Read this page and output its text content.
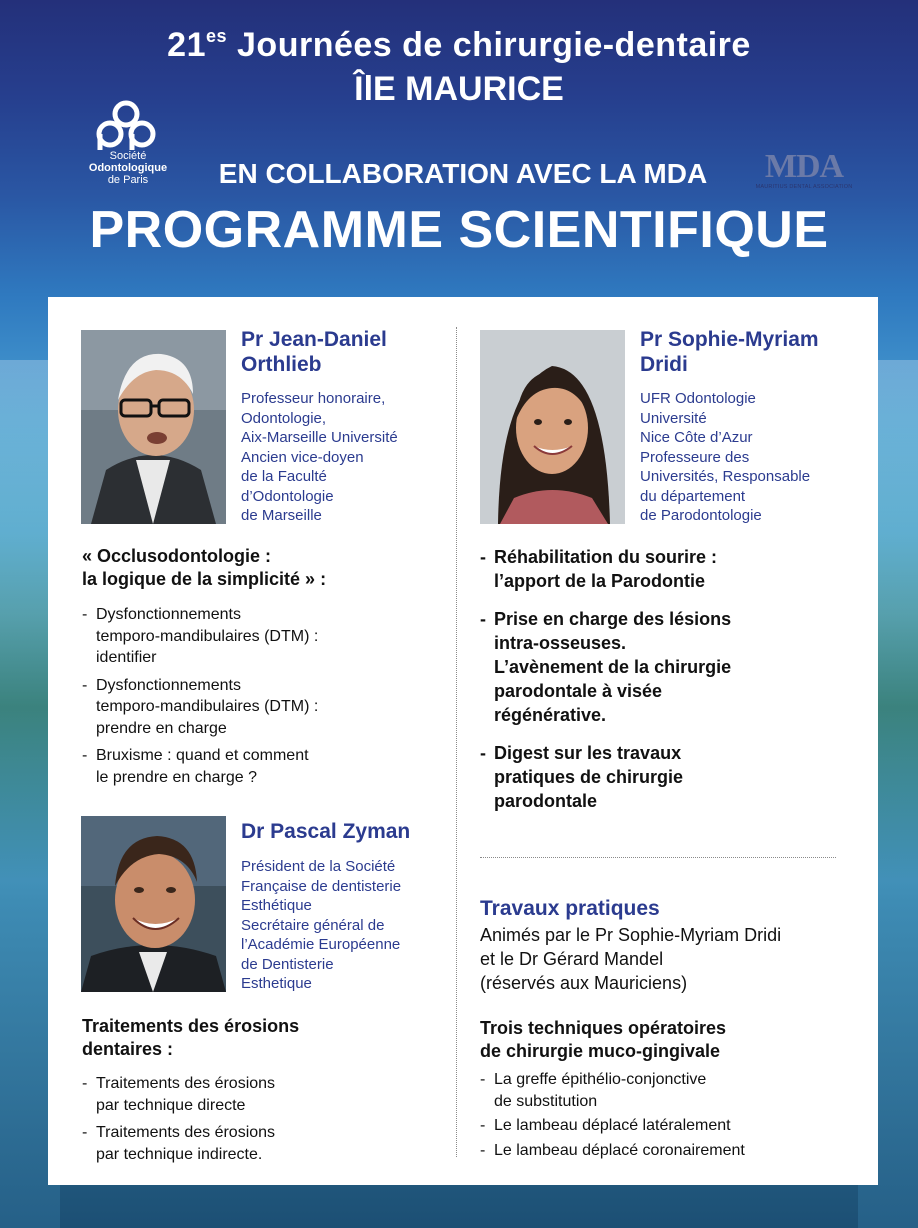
$21^{es}$ Journées de chirurgie-dentaire
ÎlE MAURICE
Société
Odontologique
de Paris	EN COLLABORATION AVEC LA MDA	MDA
MAURITIUS DENTAL ASSOCIATION
PROGRAMME SCIENTIFIQUE
Pr Jean-Daniel
Orthlieb
Professeur honoraire,
Odontologie,
Aix-Marseille Université
Ancien vice-doyen
de la Faculté
d’Odontologie
de Marseille
« Occlusodontologie :
la logique de la simplicité » :
- Dysfonctionnements
temporo-mandibulaires (DTM) :
identifier
- Dysfonctionnements
temporo-mandibulaires (DTM) :
prendre en charge
- Bruxisme : quand et comment
le prendre en charge ?
Dr Pascal Zyman
Président de la Société
Française de dentisterie
Esthétique
Secrétaire général de
l’Académie Européenne
de Dentisterie
Esthetique
Traitements des érosions
dentaires :
- Traitements des érosions
par technique directe
- Traitements des érosions
par technique indirecte.
Pr Sophie-Myriam
Dridi
UFR Odontologie
Université
Nice Côte d’Azur
Professeure des
Universités, Responsable
du département
de Parodontologie
- Réhabilitation du sourire :
l’apport de la Parodontie
- Prise en charge des lésions
intra-osseuses.
L’avènement de la chirurgie
parodontale à visée
régénérative.
- Digest sur les travaux
pratiques de chirurgie
parodontale
Travaux pratiques
Animés par le Pr Sophie-Myriam Dridi
et le Dr Gérard Mandel
(réservés aux Mauriciens)
Trois techniques opératoires
de chirurgie muco-gingivale
- La greffe épithélio-conjonctive
de substitution
- Le lambeau déplacé latéralement
- Le lambeau déplacé coronairement
